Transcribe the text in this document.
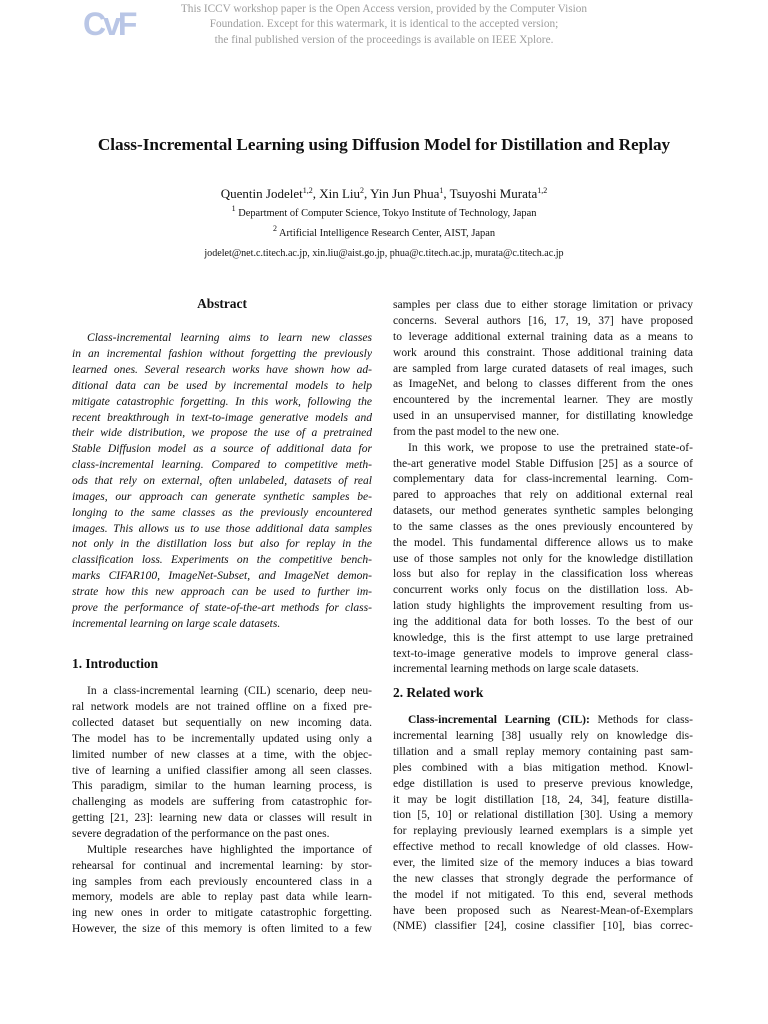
CvF	This ICCV workshop paper is the Open Access version, provided by the Computer Vision
Foundation. Except for this watermark, it is identical to the accepted version;
the final published version of the proceedings is available on IEEE Xplore.
Class-Incremental Learning using Diffusion Model for Distillation and Replay
Quentin Jodelet$^{1,2}$, Xin Liu$^2$, Yin Jun Phua$^1$, Tsuyoshi Murata$^{1,2}$
$^1$ Department of Computer Science, Tokyo Institute of Technology, Japan
$^2$ Artificial Intelligence Research Center, AIST, Japan
jodelet@net.c.titech.ac.jp, xin.liu@aist.go.jp, phua@c.titech.ac.jp, murata@c.titech.ac.jp
Abstract
Class-incremental learning aims to learn new classes
in an incremental fashion without forgetting the previously
learned ones. Several research works have shown how ad-
ditional data can be used by incremental models to help
mitigate catastrophic forgetting. In this work, following the
recent breakthrough in text-to-image generative models and
their wide distribution, we propose the use of a pretrained
Stable Diffusion model as a source of additional data for
class-incremental learning. Compared to competitive meth-
ods that rely on external, often unlabeled, datasets of real
images, our approach can generate synthetic samples be-
longing to the same classes as the previously encountered
images. This allows us to use those additional data samples
not only in the distillation loss but also for replay in the
classification loss. Experiments on the competitive bench-
marks CIFAR100, ImageNet-Subset, and ImageNet demon-
strate how this new approach can be used to further im-
prove the performance of state-of-the-art methods for class-
incremental learning on large scale datasets.
1. Introduction
In a class-incremental learning (CIL) scenario, deep neu-
ral network models are not trained offline on a fixed pre-
collected dataset but sequentially on new incoming data.
The model has to be incrementally updated using only a
limited number of new classes at a time, with the objec-
tive of learning a unified classifier among all seen classes.
This paradigm, similar to the human learning process, is
challenging as models are suffering from catastrophic for-
getting [21, 23]: learning new data or classes will result in
severe degradation of the performance on the past ones.
Multiple researches have highlighted the importance of
rehearsal for continual and incremental learning: by stor-
ing samples from each previously encountered class in a
memory, models are able to replay past data while learn-
ing new ones in order to mitigate catastrophic forgetting.
However, the size of this memory is often limited to a few
samples per class due to either storage limitation or privacy
concerns. Several authors [16, 17, 19, 37] have proposed
to leverage additional external training data as a means to
work around this constraint. Those additional training data
are sampled from large curated datasets of real images, such
as ImageNet, and belong to classes different from the ones
encountered by the incremental learner. They are mostly
used in an unsupervised manner, for distillating knowledge
from the past model to the new one.
In this work, we propose to use the pretrained state-of-
the-art generative model Stable Diffusion [25] as a source of
complementary data for class-incremental learning. Com-
pared to approaches that rely on additional external real
datasets, our method generates synthetic samples belonging
to the same classes as the ones previously encountered by
the model. This fundamental difference allows us to make
use of those samples not only for the knowledge distillation
loss but also for replay in the classification loss whereas
concurrent works only focus on the distillation loss. Ab-
lation study highlights the improvement resulting from us-
ing the additional data for both losses. To the best of our
knowledge, this is the first attempt to use large pretrained
text-to-image generative models to improve general class-
incremental learning methods on large scale datasets.
2. Related work
Class-incremental Learning (CIL): Methods for class-
incremental learning [38] usually rely on knowledge dis-
tillation and a small replay memory containing past sam-
ples combined with a bias mitigation method. Knowl-
edge distillation is used to preserve previous knowledge,
it may be logit distillation [18, 24, 34], feature distilla-
tion [5, 10] or relational distillation [30]. Using a memory
for replaying previously learned exemplars is a simple yet
effective method to recall knowledge of old classes. How-
ever, the limited size of the memory induces a bias toward
the new classes that strongly degrade the performance of
the model if not mitigated. To this end, several methods
have been proposed such as Nearest-Mean-of-Exemplars
(NME) classifier [24], cosine classifier [10], bias correc-
